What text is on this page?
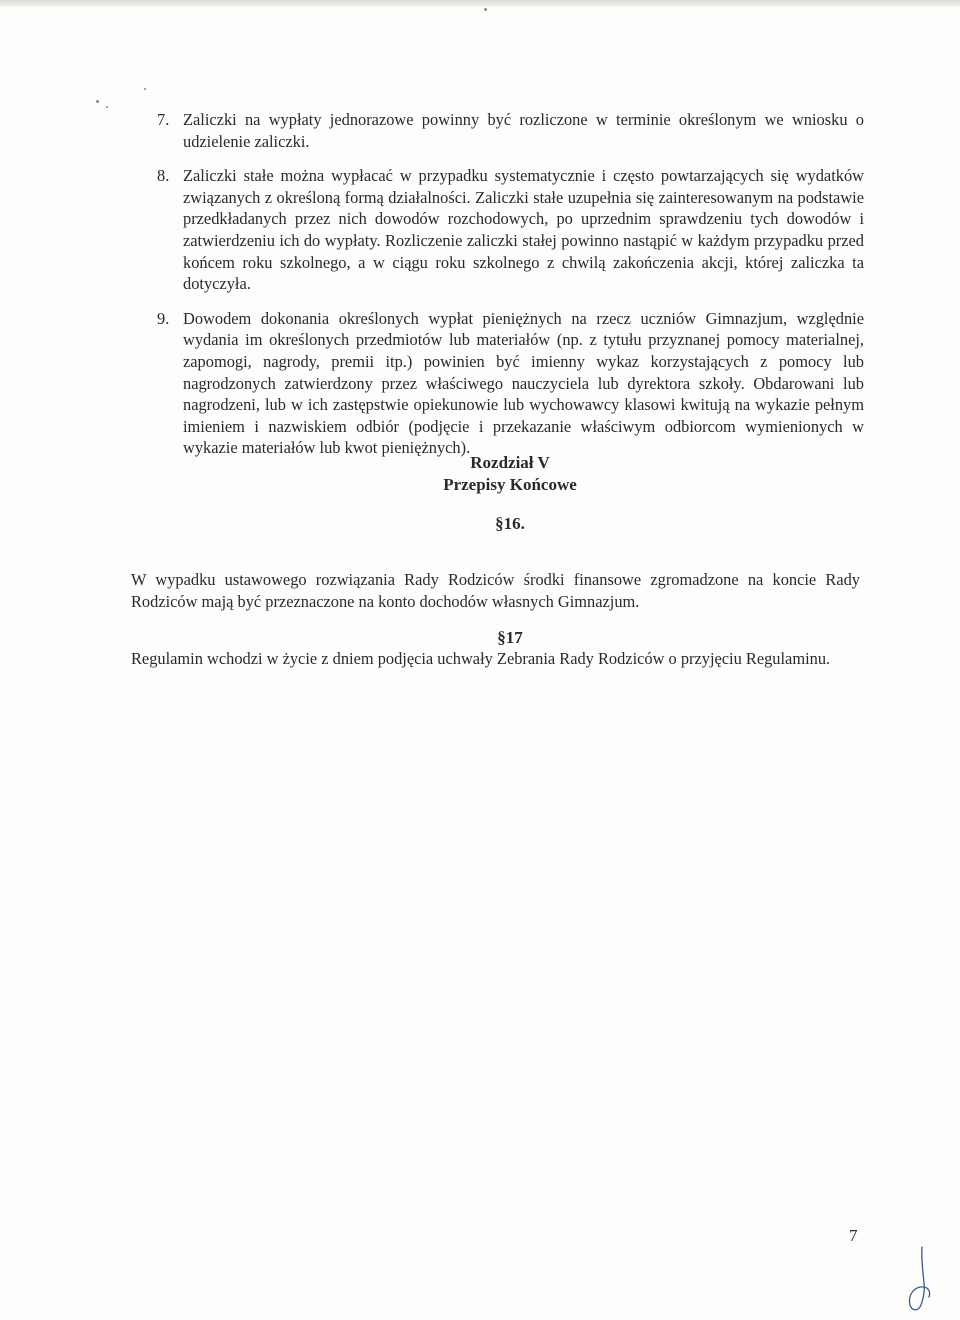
7. Zaliczki na wypłaty jednorazowe powinny być rozliczone w terminie określonym we wniosku o udzielenie zaliczki.
8. Zaliczki stałe można wypłacać w przypadku systematycznie i często powtarzających się wydatków związanych z określoną formą działalności. Zaliczki stałe uzupełnia się zainteresowanym na podstawie przedkładanych przez nich dowodów rozchodowych, po uprzednim sprawdzeniu tych dowodów i zatwierdzeniu ich do wypłaty. Rozliczenie zaliczki stałej powinno nastąpić w każdym przypadku przed końcem roku szkolnego, a w ciągu roku szkolnego z chwilą zakończenia akcji, której zaliczka ta dotyczyła.
9. Dowodem dokonania określonych wypłat pieniężnych na rzecz uczniów Gimnazjum, względnie wydania im określonych przedmiotów lub materiałów (np. z tytułu przyznanej pomocy materialnej, zapomogi, nagrody, premii itp.) powinien być imienny wykaz korzystających z pomocy lub nagrodzonych zatwierdzony przez właściwego nauczyciela lub dyrektora szkoły. Obdarowani lub nagrodzeni, lub w ich zastępstwie opiekunowie lub wychowawcy klasowi kwitują na wykazie pełnym imieniem i nazwiskiem odbiór (podjęcie i przekazanie właściwym odbiorcom wymienionych w wykazie materiałów lub kwot pieniężnych).
Rozdział V
Przepisy Końcowe
§16.
W wypadku ustawowego rozwiązania Rady Rodziców środki finansowe zgromadzone na koncie Rady Rodziców mają być przeznaczone na konto dochodów własnych Gimnazjum.
§17
Regulamin wchodzi w życie z dniem podjęcia uchwały Zebrania Rady Rodziców o przyjęciu Regulaminu.
7
